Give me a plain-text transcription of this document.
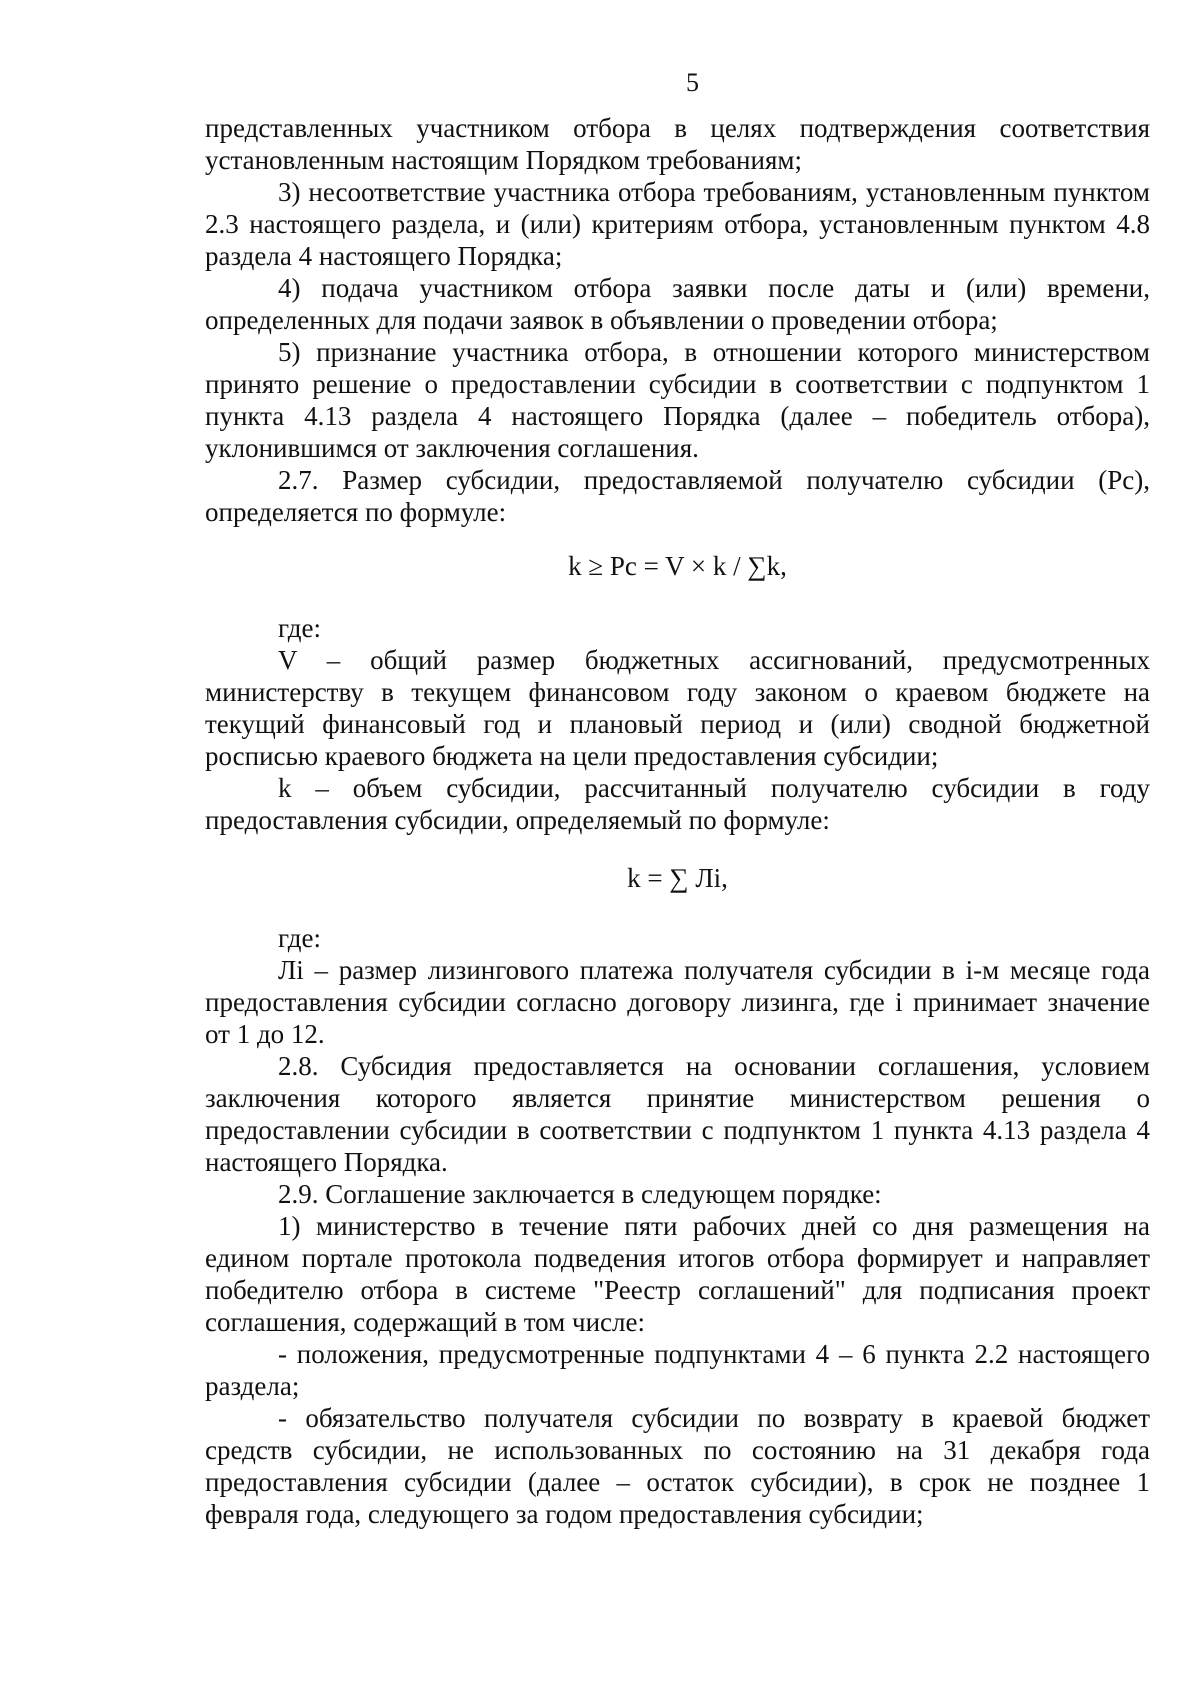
5

представленных участником отбора в целях подтверждения соответствия установленным настоящим Порядком требованиям;

3) несоответствие участника отбора требованиям, установленным пунктом 2.3 настоящего раздела, и (или) критериям отбора, установленным пунктом 4.8 раздела 4 настоящего Порядка;

4) подача участником отбора заявки после даты и (или) времени, определенных для подачи заявок в объявлении о проведении отбора;

5) признание участника отбора, в отношении которого министерством принято решение о предоставлении субсидии в соответствии с подпунктом 1 пункта 4.13 раздела 4 настоящего Порядка (далее – победитель отбора), уклонившимся от заключения соглашения.

2.7. Размер субсидии, предоставляемой получателю субсидии (Pc), определяется по формуле:

k ≥ Pc = V × k / ∑k,

где:

V – общий размер бюджетных ассигнований, предусмотренных министерству в текущем финансовом году законом о краевом бюджете на текущий финансовый год и плановый период и (или) сводной бюджетной росписью краевого бюджета на цели предоставления субсидии;

k – объем субсидии, рассчитанный получателю субсидии в году предоставления субсидии, определяемый по формуле:

k = ∑ Лi,

где:

Лi – размер лизингового платежа получателя субсидии в i-м месяце года предоставления субсидии согласно договору лизинга, где i принимает значение от 1 до 12.

2.8. Субсидия предоставляется на основании соглашения, условием заключения которого является принятие министерством решения о предоставлении субсидии в соответствии с подпунктом 1 пункта 4.13 раздела 4 настоящего Порядка.

2.9. Соглашение заключается в следующем порядке:

1) министерство в течение пяти рабочих дней со дня размещения на едином портале протокола подведения итогов отбора формирует и направляет победителю отбора в системе "Реестр соглашений" для подписания проект соглашения, содержащий в том числе:

- положения, предусмотренные подпунктами 4 – 6 пункта 2.2 настоящего раздела;

- обязательство получателя субсидии по возврату в краевой бюджет средств субсидии, не использованных по состоянию на 31 декабря года предоставления субсидии (далее – остаток субсидии), в срок не позднее 1 февраля года, следующего за годом предоставления субсидии;
